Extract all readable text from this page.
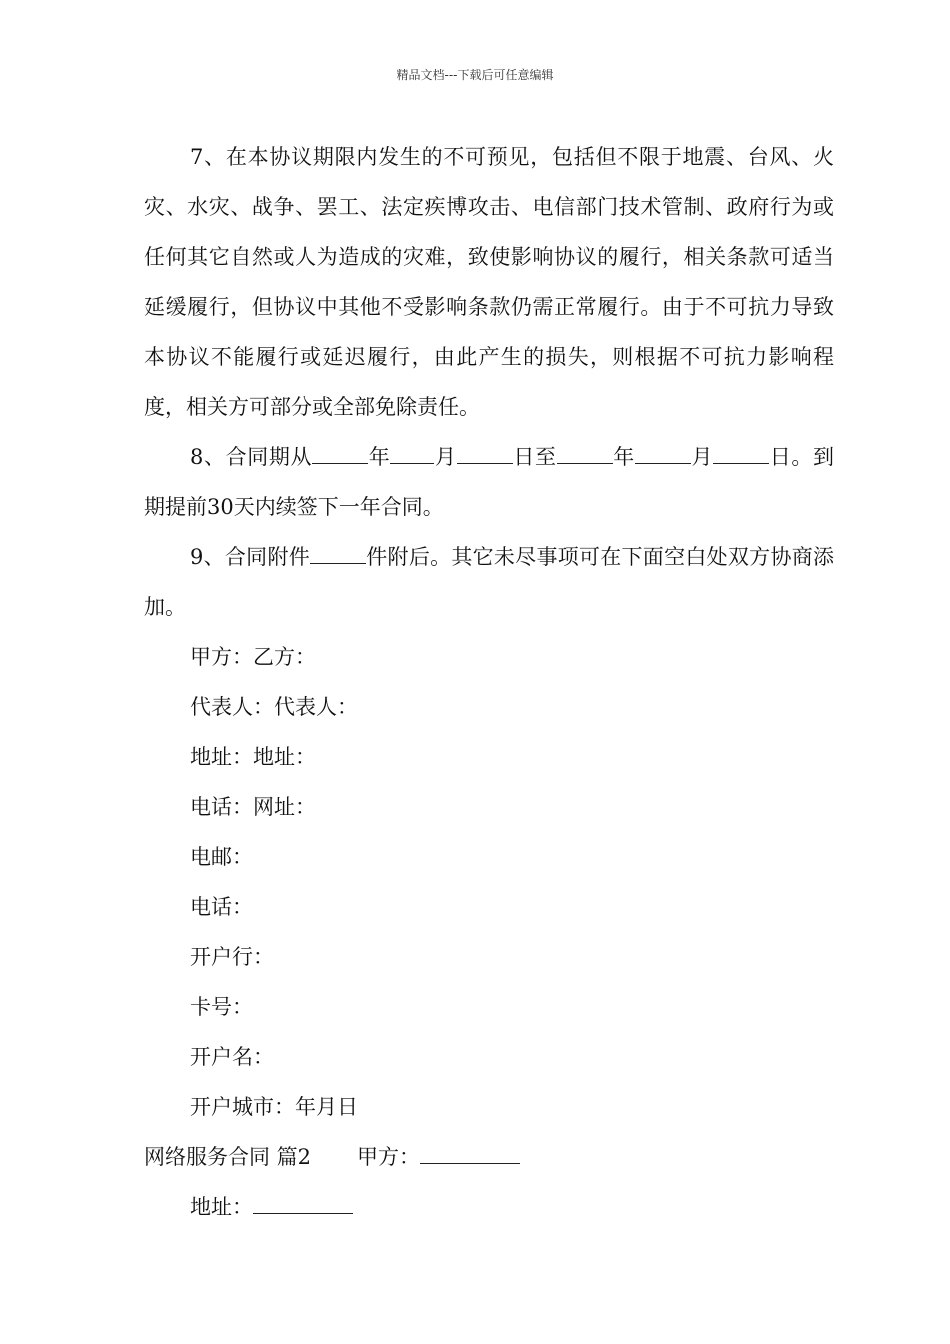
精品文档---下载后可任意编辑

7、在本协议期限内发生的不可预见，包括但不限于地震、台风、火灾、水灾、战争、罢工、法定疾博攻击、电信部门技术管制、政府行为或任何其它自然或人为造成的灾难，致使影响协议的履行，相关条款可适当延缓履行，但协议中其他不受影响条款仍需正常履行。由于不可抗力导致本协议不能履行或延迟履行，由此产生的损失，则根据不可抗力影响程度，相关方可部分或全部免除责任。

8、合同期从	年 月	日至	年	月	日。到期提前30天内续签下一年合同。

9、合同附件	件附后。其它未尽事项可在下面空白处双方协商添加。

甲方：乙方：

代表人：代表人：

地址：地址：

电话：网址：

电邮：

电话：

开户行：

卡号：

开户名：

开户城市：年月日

网络服务合同 篇2 甲方：

地址：
